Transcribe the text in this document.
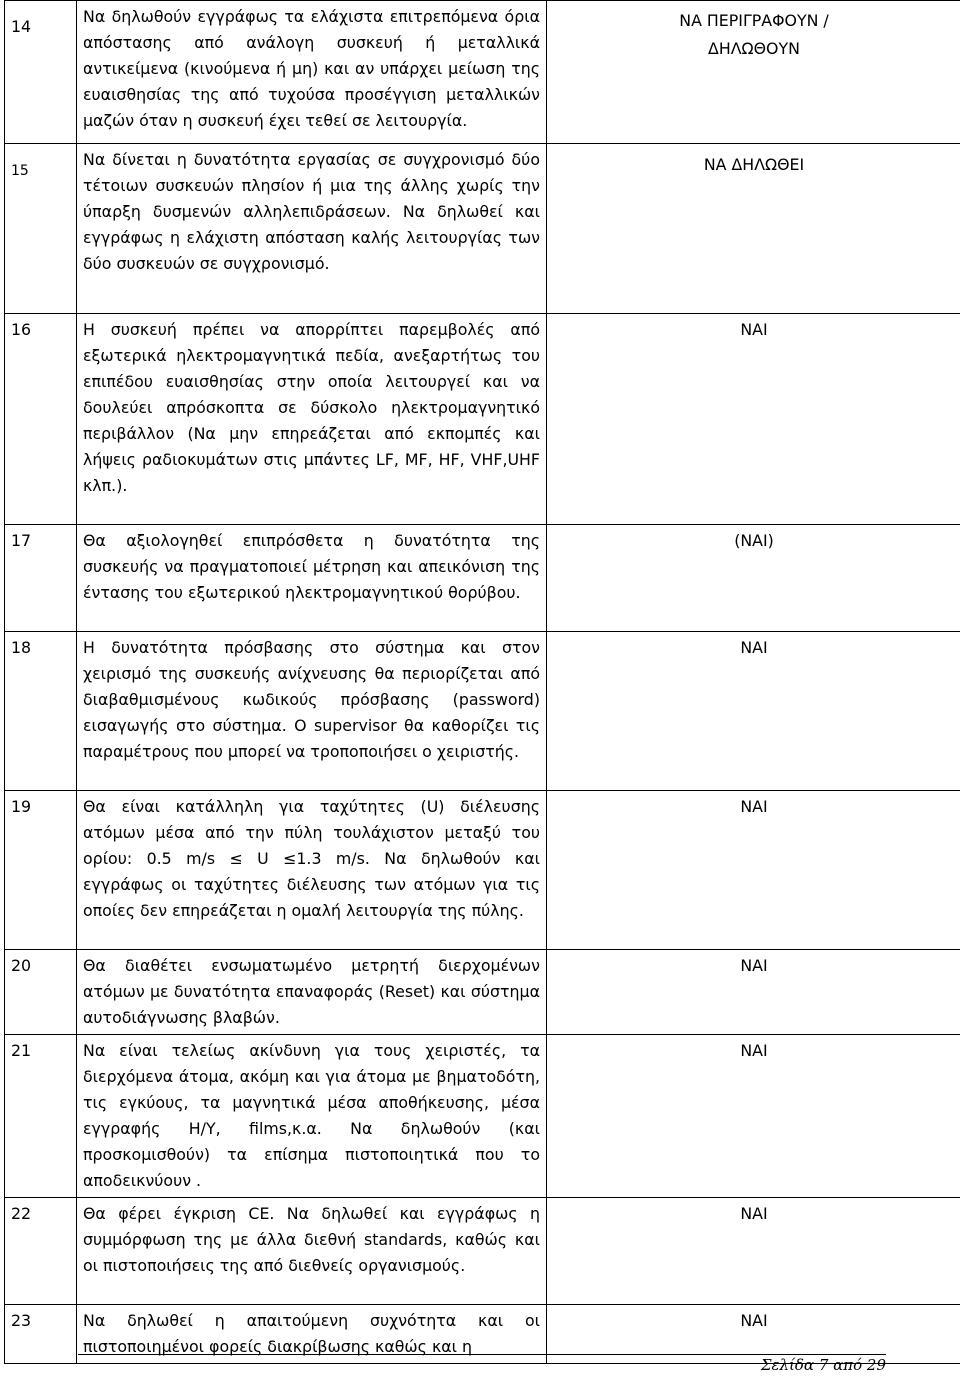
14	Να δηλωθούν εγγράφως τα ελάχιστα επιτρεπόμενα όρια απόστασης από ανάλογη συσκευή ή μεταλλικά αντικείμενα (κινούμενα ή μη) και αν υπάρχει μείωση της ευαισθησίας της από τυχούσα προσέγγιση μεταλλικών μαζών όταν η συσκευή έχει τεθεί σε λειτουργία.	ΝΑ ΠΕΡΙΓΡΑΦΟΥΝ / ΔΗΛΩΘΟΥΝ
15	Να δίνεται η δυνατότητα εργασίας σε συγχρονισμό δύο τέτοιων συσκευών πλησίον ή μια της άλλης χωρίς την ύπαρξη δυσμενών αλληλεπιδράσεων. Να δηλωθεί και εγγράφως η ελάχιστη απόσταση καλής λειτουργίας των δύο συσκευών σε συγχρονισμό.	ΝΑ ΔΗΛΩΘΕΙ
16	Η συσκευή πρέπει να απορρίπτει παρεμβολές από εξωτερικά ηλεκτρομαγνητικά πεδία, ανεξαρτήτως του επιπέδου ευαισθησίας στην οποία λειτουργεί και να δουλεύει απρόσκοπτα σε δύσκολο ηλεκτρομαγνητικό περιβάλλον (Να μην επηρεάζεται από εκπομπές και λήψεις ραδιοκυμάτων στις μπάντες LF, MF, HF, VHF,UHF κλπ.).	ΝΑΙ
17	Θα αξιολογηθεί επιπρόσθετα η δυνατότητα της συσκευής να πραγματοποιεί μέτρηση και απεικόνιση της έντασης του εξωτερικού ηλεκτρομαγνητικού θορύβου.	(ΝΑΙ)
18	Η δυνατότητα πρόσβασης στο σύστημα και στον χειρισμό της συσκευής ανίχνευσης θα περιορίζεται από διαβαθμισμένους κωδικούς πρόσβασης (password) εισαγωγής στο σύστημα. Ο supervisor θα καθορίζει τις παραμέτρους που μπορεί να τροποποιήσει ο χειριστής.	ΝΑΙ
19	Θα είναι κατάλληλη για ταχύτητες (U) διέλευσης ατόμων μέσα από την πύλη τουλάχιστον μεταξύ του ορίου: 0.5 m/s ≤ U ≤1.3 m/s. Να δηλωθούν και εγγράφως οι ταχύτητες διέλευσης των ατόμων για τις οποίες δεν επηρεάζεται η ομαλή λειτουργία της πύλης.	ΝΑΙ
20	Θα διαθέτει ενσωματωμένο μετρητή διερχομένων ατόμων με δυνατότητα επαναφοράς (Reset) και σύστημα αυτοδιάγνωσης βλαβών.	ΝΑΙ
21	Να είναι τελείως ακίνδυνη για τους χειριστές, τα διερχόμενα άτομα, ακόμη και για άτομα με βηματοδότη, τις εγκύους, τα μαγνητικά μέσα αποθήκευσης, μέσα εγγραφής Η/Υ, films,κ.α. Να δηλωθούν (και προσκομισθούν) τα επίσημα πιστοποιητικά που το αποδεικνύουν .	ΝΑΙ
22	Θα φέρει έγκριση CE. Να δηλωθεί και εγγράφως η συμμόρφωση της με άλλα διεθνή standards, καθώς και οι πιστοποιήσεις της από διεθνείς οργανισμούς.	ΝΑΙ
23	Να δηλωθεί η απαιτούμενη συχνότητα και οι πιστοποιημένοι φορείς διακρίβωσης καθώς και η	ΝΑΙ
Σελίδα 7 από 29
